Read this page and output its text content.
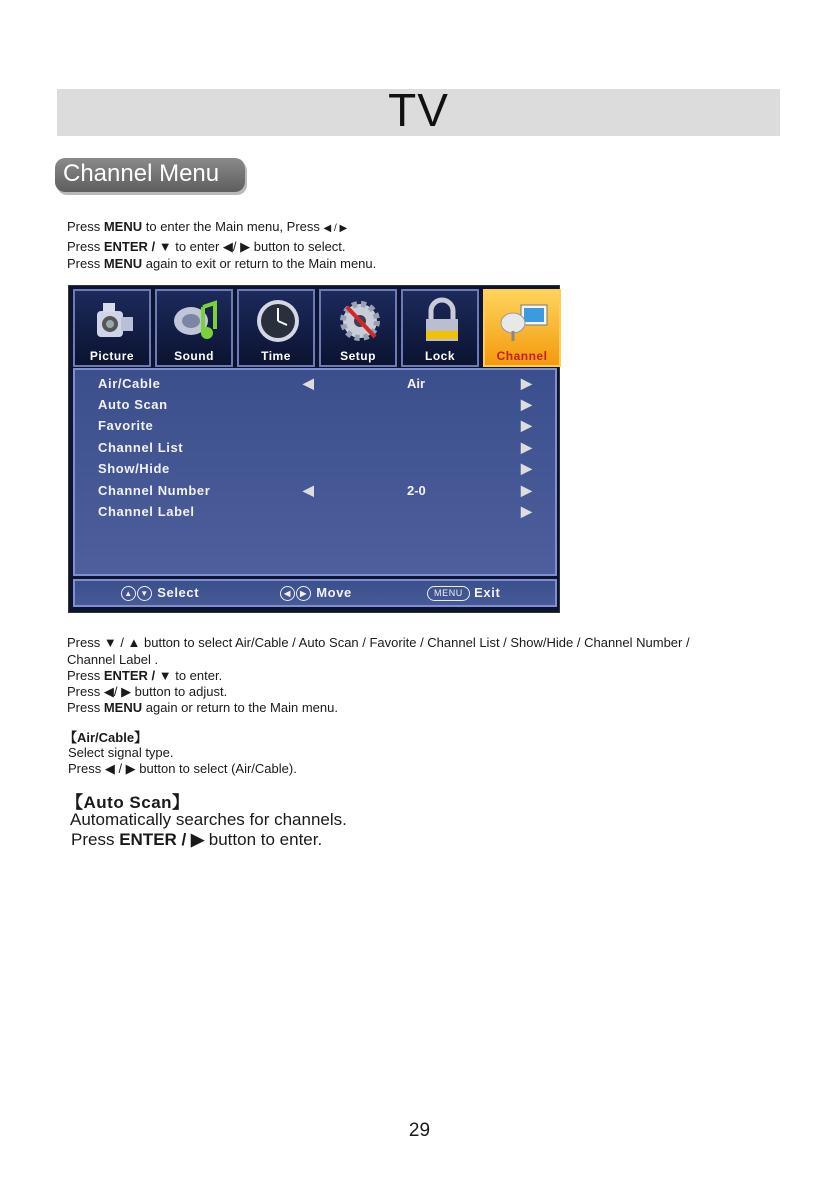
TV
Channel Menu
Press MENU to enter the Main menu, Press ◀ / ▶
Press ENTER / ▼ to enter ◀/ ▶ button to select.
Press MENU again to exit or return to the Main menu.
Picture	Sound	Time	Setup	Lock	Channel
Air/Cable	◀	Air	▶
Auto Scan	▶
Favorite	▶
Channel List	▶
Show/Hide	▶
Channel Number	◀	2-0	▶
Channel Label	▶
▲ ▼ Select	◀ ▶ Move	MENU Exit
Press ▼ / ▲ button to select Air/Cable / Auto Scan / Favorite / Channel List / Show/Hide / Channel Number /
Channel Label .
Press ENTER / ▼ to enter.
Press ◀/ ▶ button to adjust.
Press MENU again or return to the Main menu.
【Air/Cable】
Select signal type.
Press ◀ / ▶ button to select (Air/Cable).
【Auto Scan】
Automatically searches for channels.
Press ENTER / ▶ button to enter.
29
